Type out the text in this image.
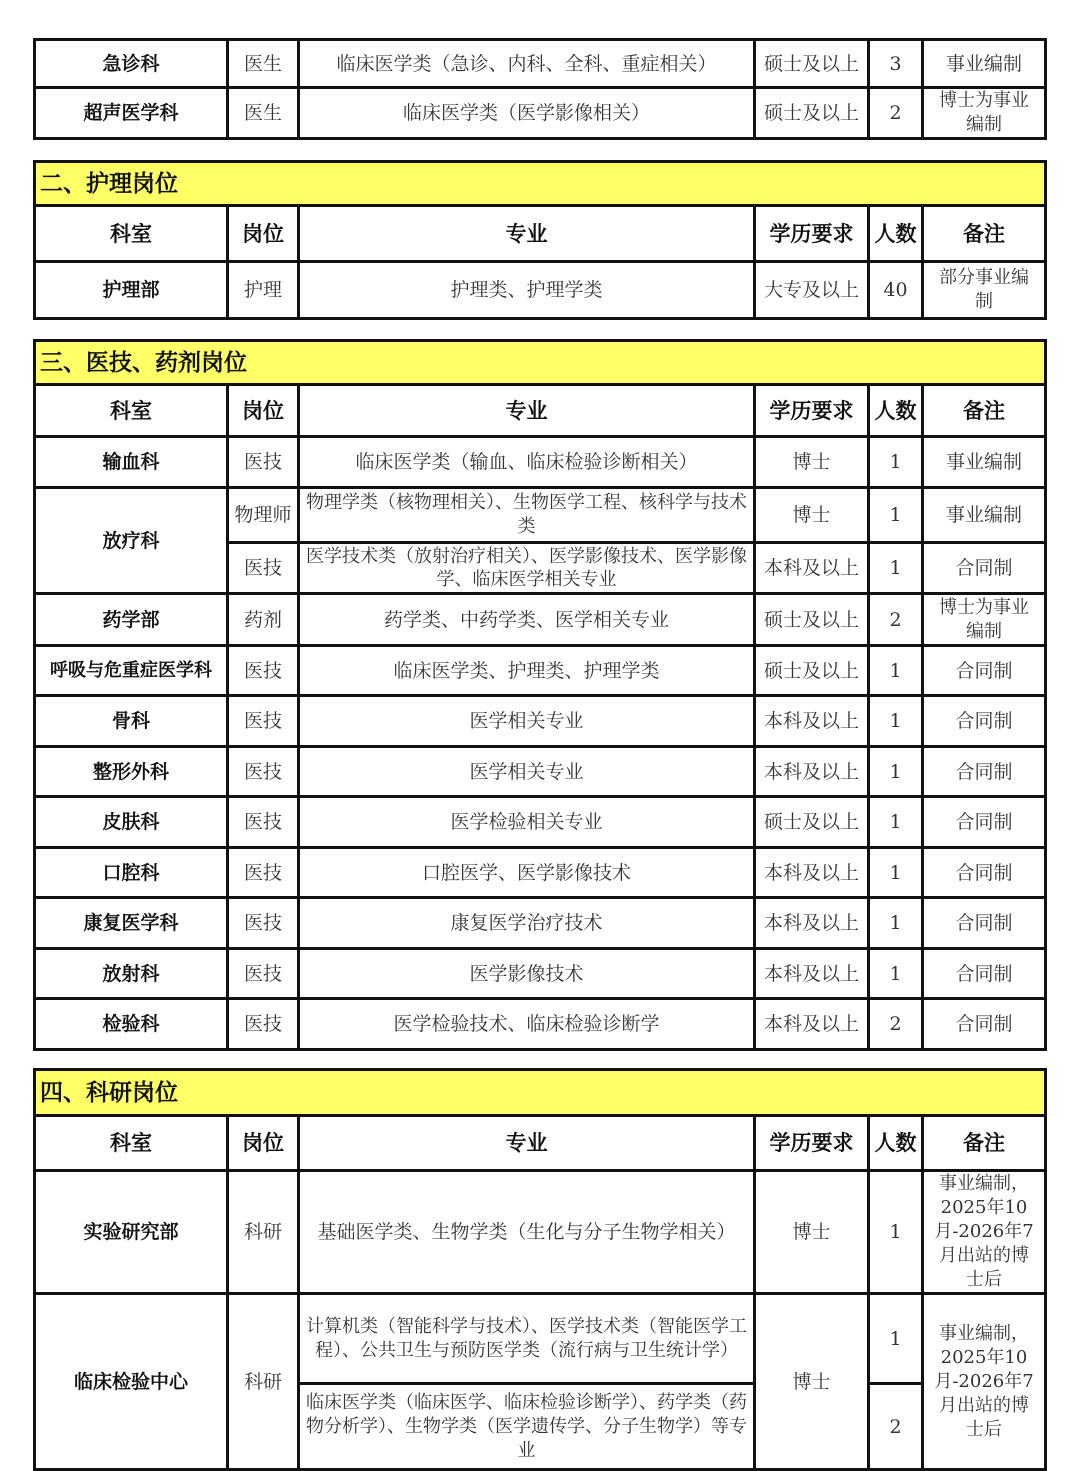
急诊科	医生	临床医学类（急诊、内科、全科、重症相关）	硕士及以上	3	事业编制
超声医学科	医生	临床医学类（医学影像相关）	硕士及以上	2	博士为事业编制
二、护理岗位					
科室	岗位	专业	学历要求	人数	备注
护理部	护理	护理类、护理学类	大专及以上	40	部分事业编制
三、医技、药剂岗位					
科室	岗位	专业	学历要求	人数	备注
输血科	医技	临床医学类（输血、临床检验诊断相关）	博士	1	事业编制
放疗科	物理师	物理学类（核物理相关）、生物医学工程、核科学与技术类	博士	1	事业编制
	医技	医学技术类（放射治疗相关）、医学影像技术、医学影像学、临床医学相关专业	本科及以上	1	合同制
药学部	药剂	药学类、中药学类、医学相关专业	硕士及以上	2	博士为事业编制
呼吸与危重症医学科	医技	临床医学类、护理类、护理学类	硕士及以上	1	合同制
骨科	医技	医学相关专业	本科及以上	1	合同制
整形外科	医技	医学相关专业	本科及以上	1	合同制
皮肤科	医技	医学检验相关专业	硕士及以上	1	合同制
口腔科	医技	口腔医学、医学影像技术	本科及以上	1	合同制
康复医学科	医技	康复医学治疗技术	本科及以上	1	合同制
放射科	医技	医学影像技术	本科及以上	1	合同制
检验科	医技	医学检验技术、临床检验诊断学	本科及以上	2	合同制
四、科研岗位					
科室	岗位	专业	学历要求	人数	备注
实验研究部	科研	基础医学类、生物学类（生化与分子生物学相关）	博士	1	事业编制，2025年10月-2026年7月出站的博士后
临床检验中心	科研	计算机类（智能科学与技术）、医学技术类（智能医学工程）、公共卫生与预防医学类（流行病与卫生统计学）	博士	1	事业编制，2025年10月-2026年7月出站的博士后
		临床医学类（临床医学、临床检验诊断学）、药学类（药物分析学）、生物学类（医学遗传学、分子生物学）等专业		2	
